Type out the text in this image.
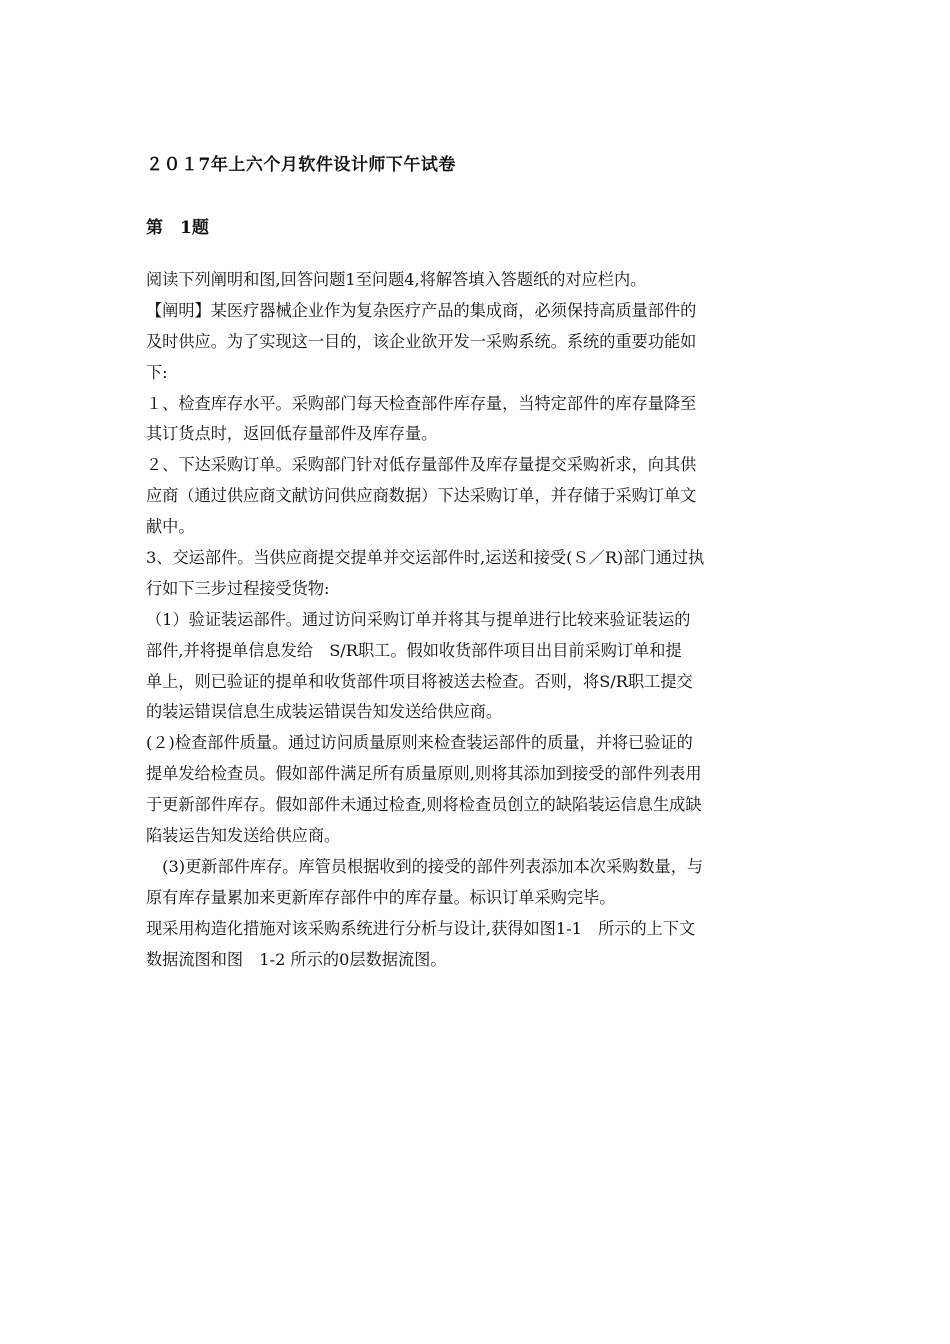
２０１7年上六个月软件设计师下午试卷
第　1题
阅读下列阐明和图,回答问题1至问题4,将解答填入答题纸的对应栏内。
【阐明】某医疗器械企业作为复杂医疗产品的集成商，必须保持高质量部件的
及时供应。为了实现这一目的，该企业欲开发一采购系统。系统的重要功能如
下:
１、检查库存水平。采购部门每天检查部件库存量，当特定部件的库存量降至
其订货点时，返回低存量部件及库存量。
２、下达采购订单。采购部门针对低存量部件及库存量提交采购祈求，向其供
应商（通过供应商文献访问供应商数据）下达采购订单，并存储于采购订单文
献中。
3、交运部件。当供应商提交提单并交运部件时,运送和接受(Ｓ／R)部门通过执
行如下三步过程接受货物:
（1）验证装运部件。通过访问采购订单并将其与提单进行比较来验证装运的
部件,并将提单信息发给　S/R职工。假如收货部件项目出目前采购订单和提
单上，则已验证的提单和收货部件项目将被送去检查。否则，将S/R职工提交
的装运错误信息生成装运错误告知发送给供应商。
(２)检查部件质量。通过访问质量原则来检查装运部件的质量，并将已验证的
提单发给检查员。假如部件满足所有质量原则,则将其添加到接受的部件列表用
于更新部件库存。假如部件未通过检查,则将检查员创立的缺陷装运信息生成缺
陷装运告知发送给供应商。
　(3)更新部件库存。库管员根据收到的接受的部件列表添加本次采购数量，与
原有库存量累加来更新库存部件中的库存量。标识订单采购完毕。
现采用构造化措施对该采购系统进行分析与设计,获得如图1-1　所示的上下文
数据流图和图　1-2 所示的0层数据流图。
